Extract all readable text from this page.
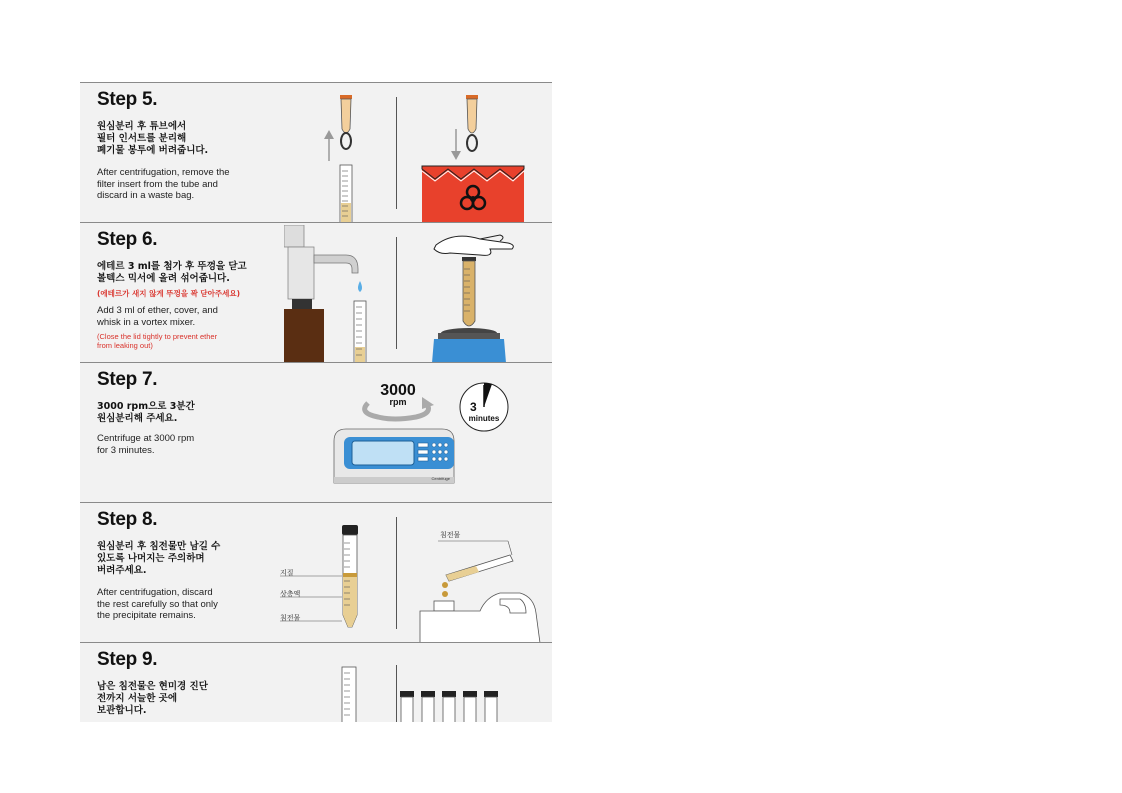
Step 5.
원심분리 후 튜브에서
필터 인서트를 분리해
폐기물 봉투에 버려줍니다.
After centrifugation, remove the
filter insert from the tube and
discard in a waste bag.
Step 6.
에테르 3 ml를 첨가 후 뚜껑을 닫고
볼텍스 믹서에 올려 섞어줍니다.
(에테르가 새지 않게 뚜껑을 꽉 닫아주세요)
Add 3 ml of ether, cover, and
whisk in a vortex mixer.
(Close the lid tightly to prevent ether
from leaking out)
Step 7.
3000 rpm으로 3분간
원심분리해 주세요.
Centrifuge at 3000 rpm
for 3 minutes.
3000
rpm
Centrifuge
3
minutes
Step 8.
원심분리 후 침전물만 남길 수
있도록 나머지는 주의하며
버려주세요.
After centrifugation, discard
the rest carefully so that only
the precipitate remains.
지질
상층액
침전물
침전물
Step 9.
남은 침전물은 현미경 진단
전까지 서늘한 곳에
보관합니다.
